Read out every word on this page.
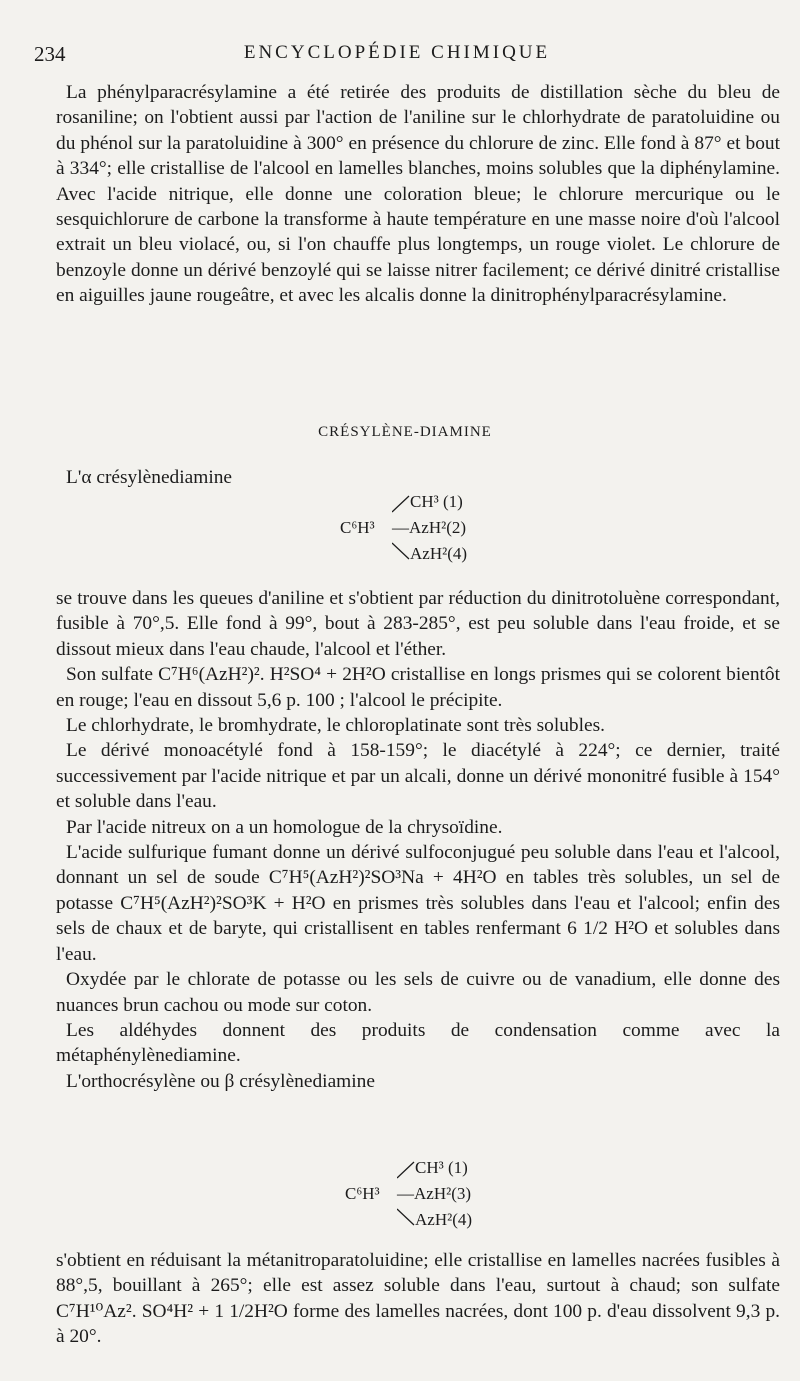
234	ENCYCLOPÉDIE CHIMIQUE

La phénylparacrésylamine a été retirée des produits de distillation sèche du bleu de rosaniline; on l'obtient aussi par l'action de l'aniline sur le chlorhydrate de paratoluidine ou du phénol sur la paratoluidine à 300° en présence du chlorure de zinc. Elle fond à 87° et bout à 334°; elle cristallise de l'alcool en lamelles blanches, moins solubles que la diphénylamine. Avec l'acide nitrique, elle donne une coloration bleue; le chlorure mercurique ou le sesquichlorure de carbone la transforme à haute température en une masse noire d'où l'alcool extrait un bleu violacé, ou, si l'on chauffe plus longtemps, un rouge violet. Le chlorure de benzoyle donne un dérivé benzoylé qui se laisse nitrer facilement; ce dérivé dinitré cristallise en aiguilles jaune rougeâtre, et avec les alcalis donne la dinitrophénylparacrésylamine.

CRÉSYLÈNE-DIAMINE

L'α crésylènediamine

CH³ (1)
C⁶H³ —AzH²(2)
AzH²(4)

se trouve dans les queues d'aniline et s'obtient par réduction du dinitrotoluène correspondant, fusible à 70°,5. Elle fond à 99°, bout à 283-285°, est peu soluble dans l'eau froide, et se dissout mieux dans l'eau chaude, l'alcool et l'éther.

Son sulfate C⁷H⁶(AzH²)². H²SO⁴ + 2H²O cristallise en longs prismes qui se colorent bientôt en rouge; l'eau en dissout 5,6 p. 100 ; l'alcool le précipite.

Le chlorhydrate, le bromhydrate, le chloroplatinate sont très solubles.

Le dérivé monoacétylé fond à 158-159°; le diacétylé à 224°; ce dernier, traité successivement par l'acide nitrique et par un alcali, donne un dérivé mononitré fusible à 154° et soluble dans l'eau.

Par l'acide nitreux on a un homologue de la chrysoïdine.

L'acide sulfurique fumant donne un dérivé sulfoconjugué peu soluble dans l'eau et l'alcool, donnant un sel de soude C⁷H⁵(AzH²)²SO³Na + 4H²O en tables très solubles, un sel de potasse C⁷H⁵(AzH²)²SO³K + H²O en prismes très solubles dans l'eau et l'alcool; enfin des sels de chaux et de baryte, qui cristallisent en tables renfermant 6 1/2 H²O et solubles dans l'eau.

Oxydée par le chlorate de potasse ou les sels de cuivre ou de vanadium, elle donne des nuances brun cachou ou mode sur coton.

Les aldéhydes donnent des produits de condensation comme avec la métaphénylènediamine.

L'orthocrésylène ou β crésylènediamine

CH³ (1)
C⁶H³ —AzH²(3)
AzH²(4)

s'obtient en réduisant la métanitroparatoluidine; elle cristallise en lamelles nacrées fusibles à 88°,5, bouillant à 265°; elle est assez soluble dans l'eau, surtout à chaud; son sulfate C⁷H¹⁰Az². SO⁴H² + 1 1/2H²O forme des lamelles nacrées, dont 100 p. d'eau dissolvent 9,3 p. à 20°.
